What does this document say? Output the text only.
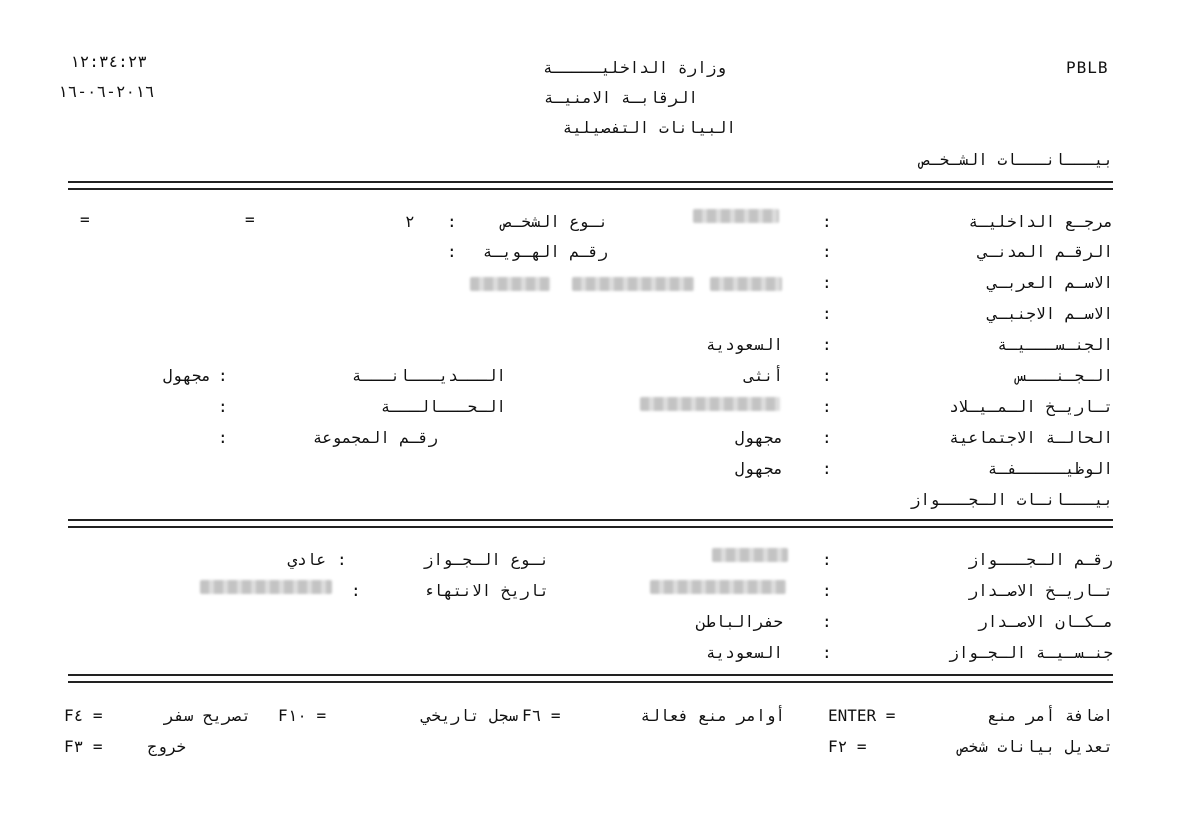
PBLB
وزارة الداخليـــــة
الرقابـة الامنيـة
البيانات التفصيلية
١٢:٣٤:٢٣
٢٠١٦-٠٦-١٦
بيـــانـــات الشـخـص
مرجـع الداخليـة
الرقـم المدنـي
الاسـم العربـي
الاسـم الاجنبـي
الجنـســـيـة
الـجـنـــس
تـاريـخ الـمـيـلاد
الحالـة الاجتماعية
الوظيـــــفـة
:
:
:
:
:
:
:
:
:
السعودية
أنثى
مجهول
مجهول
نـوع الشخـص
:
٢
=
=
رقـم الهـويـة
:
الـــديـــانـــة
:
مجهول
الـحـــالـــة
:
رقـم المجموعة
:
بيـــانـات الـجـــواز
رقـم الـجـــواز
:
نـوع الـجـواز
:
عادي
تـاريـخ الاصـدار
:
تاريخ الانتهاء
:
مـكـان الاصـدار
:
حفرالباطن
جنـسـيـة الـجـواز
:
السعودية
اضافة أمر منع
ENTER =
أوامر منع فعالة
F٦ =
سجل تاريخي
F١٠ =
تصريح سفر
F٤ =
تعديل بيانات شخص
F٢ =
خروج
F٣ =
